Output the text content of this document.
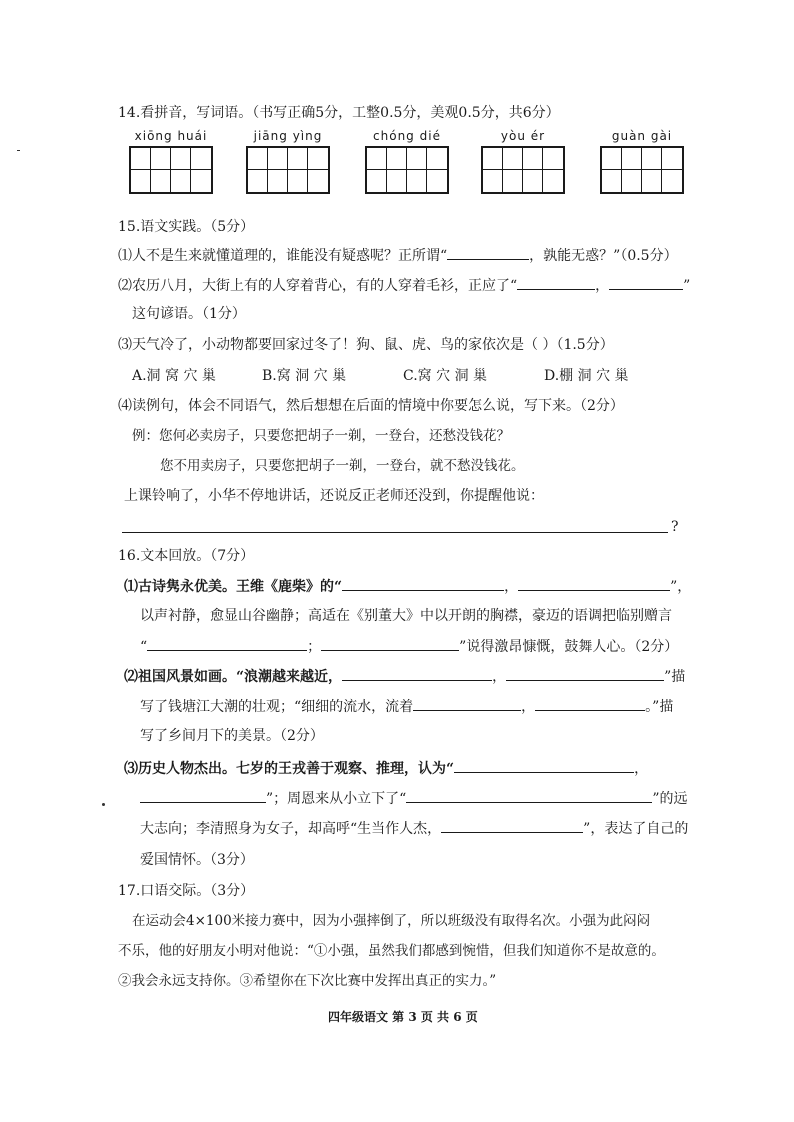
14.看拼音，写词语。（书写正确5分，工整0.5分，美观0.5分，共6分）
xiōng huái	jiāng yìng	chóng dié	yòu ér	guàn gài
15.语文实践。（5分）
⑴人不是生来就懂道理的，谁能没有疑惑呢？正所谓“	，孰能无惑？”（0.5分）
⑵农历八月，大街上有的人穿着背心，有的人穿着毛衫，正应了“	，	”
这句谚语。（1分）
⑶天气冷了，小动物都要回家过冬了！狗、鼠、虎、鸟的家依次是（ ）（1.5分）
A.洞 窝 穴 巢	B.窝 洞 穴 巢	C.窝 穴 洞 巢	D.棚 洞 穴 巢
⑷读例句，体会不同语气，然后想想在后面的情境中你要怎么说，写下来。（2分）
例：您何必卖房子，只要您把胡子一剃，一登台，还愁没钱花？
您不用卖房子，只要您把胡子一剃，一登台，就不愁没钱花。
上课铃响了，小华不停地讲话，还说反正老师还没到，你提醒他说：
?
16.文本回放。（7分）
⑴古诗隽永优美。王维《鹿柴》的“	，	”，
以声衬静，愈显山谷幽静；高适在《别董大》中以开朗的胸襟，豪迈的语调把临别赠言
“	；	”说得激昂慷慨，鼓舞人心。（2分）
⑵祖国风景如画。“浪潮越来越近，	，	”描
写了钱塘江大潮的壮观；“细细的流水，流着	，	。”描
写了乡间月下的美景。（2分）
⑶历史人物杰出。七岁的王戎善于观察、推理，认为“	，
”；周恩来从小立下了“	”的远
大志向；李清照身为女子，却高呼“生当作人杰，	”，表达了自己的
爱国情怀。（3分）
17.口语交际。（3分）
在运动会4×100米接力赛中，因为小强摔倒了，所以班级没有取得名次。小强为此闷闷
不乐，他的好朋友小明对他说：“①小强，虽然我们都感到惋惜，但我们知道你不是故意的。
②我会永远支持你。③希望你在下次比赛中发挥出真正的实力。”
四年级语文 第 3 页 共 6 页
